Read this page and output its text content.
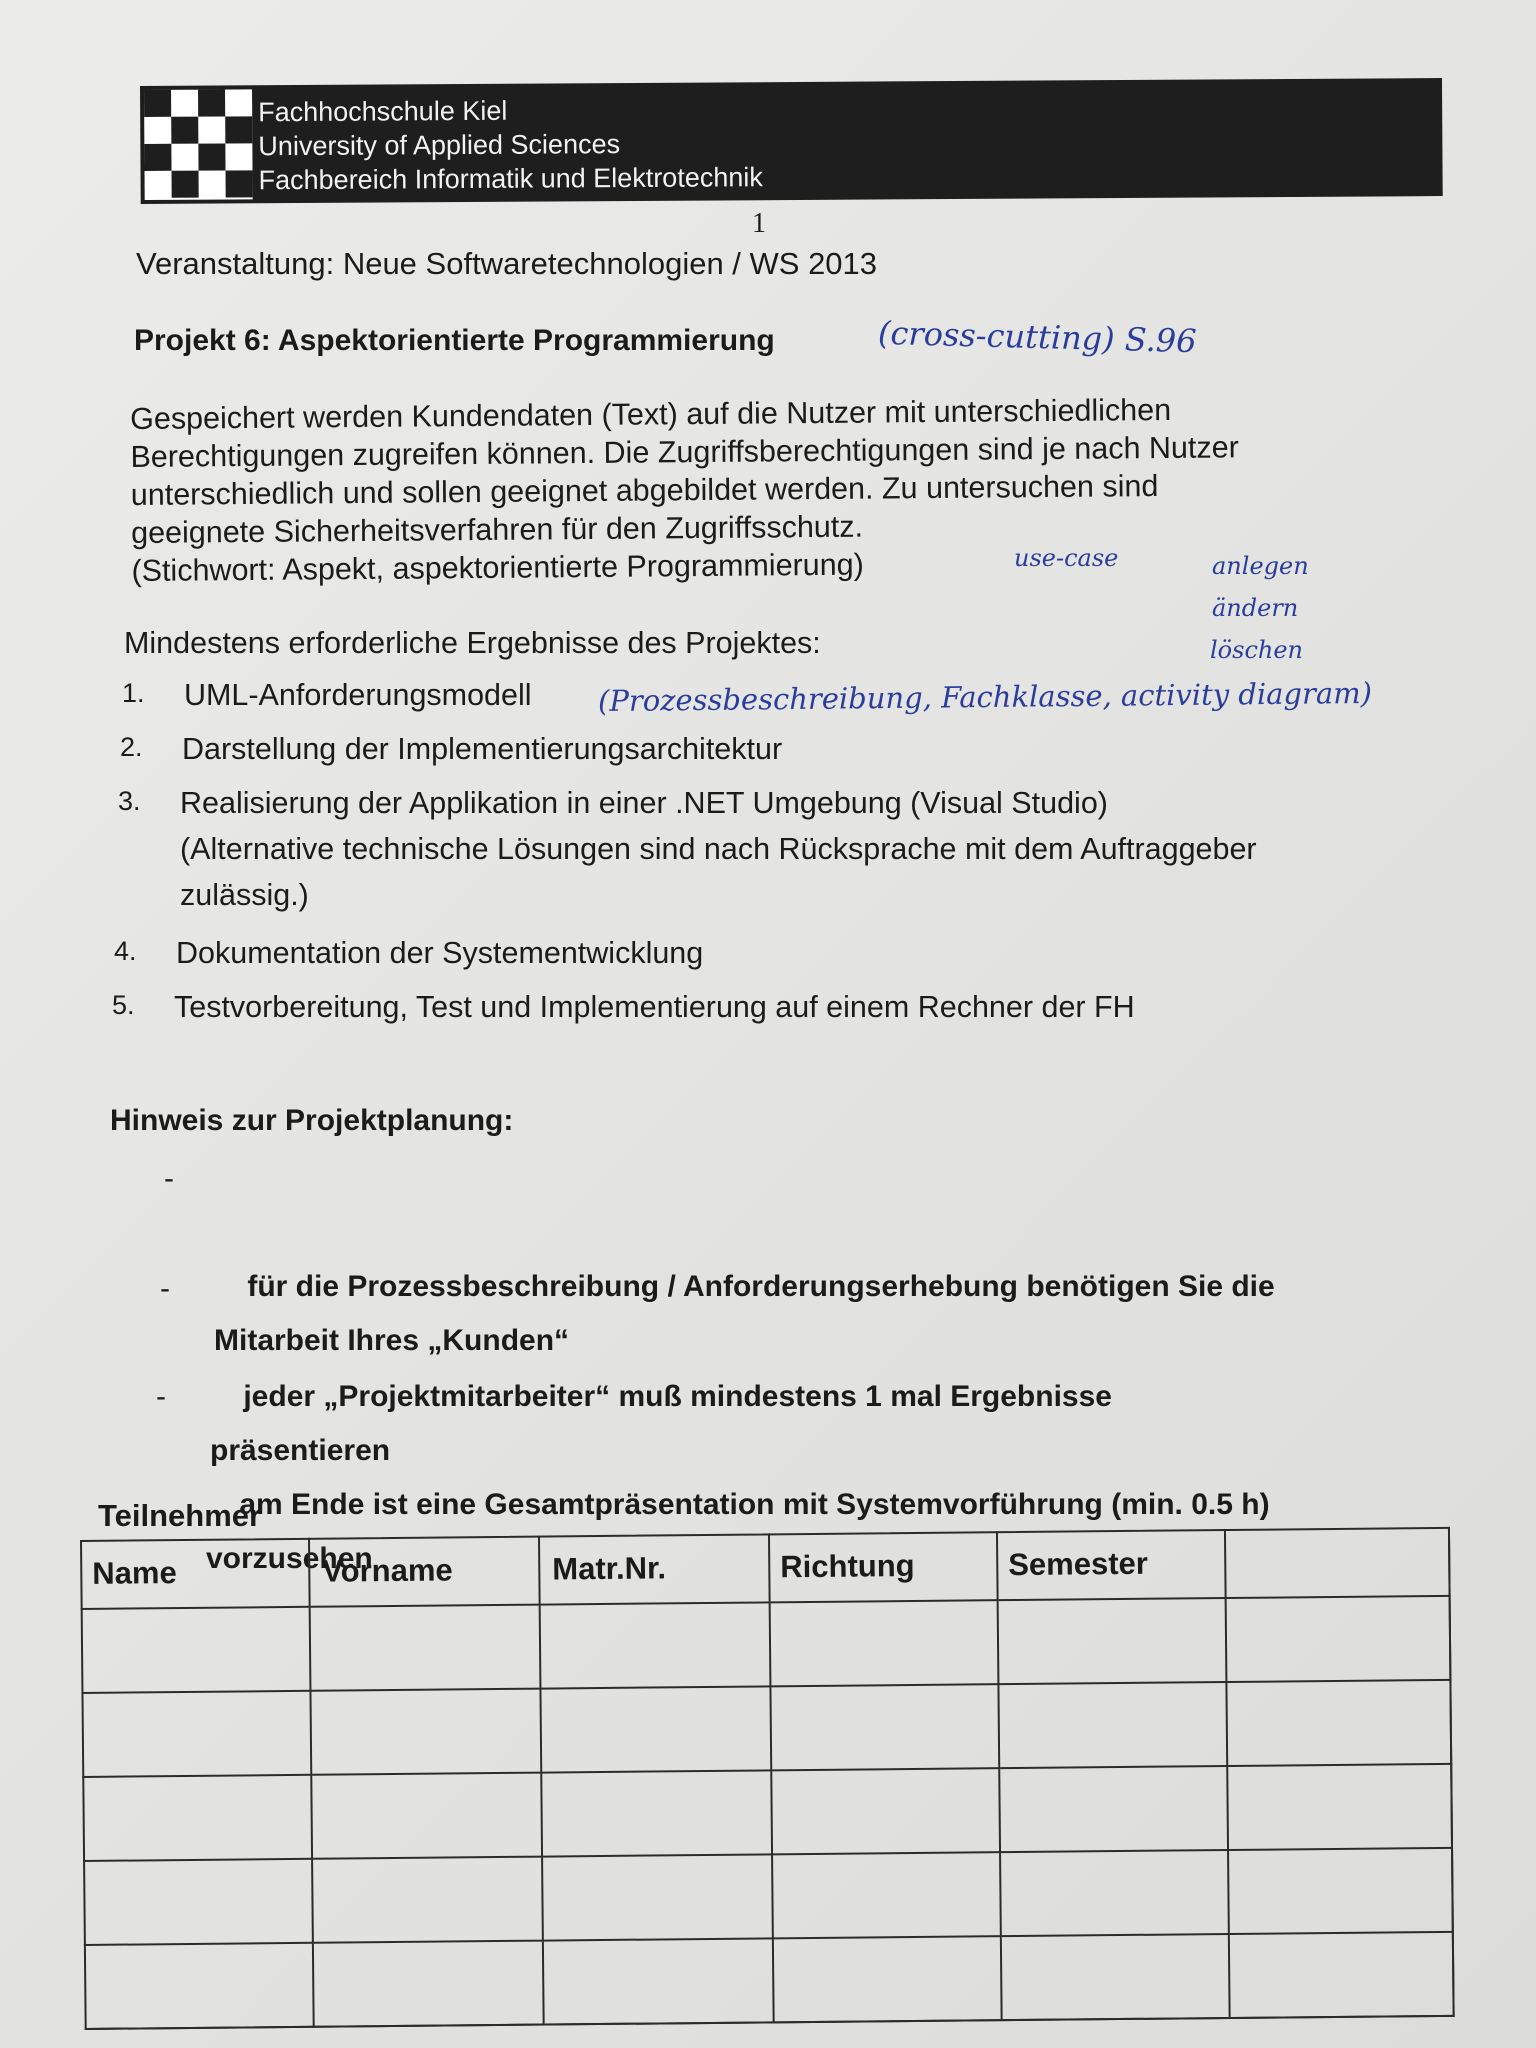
Fachhochschule Kiel
University of Applied Sciences
Fachbereich Informatik und Elektrotechnik
1
Veranstaltung: Neue Softwaretechnologien / WS 2013
Projekt 6: Aspektorientierte Programmierung	(cross-cutting) S.96
Gespeichert werden Kundendaten (Text) auf die Nutzer mit unterschiedlichen
Berechtigungen zugreifen können. Die Zugriffsberechtigungen sind je nach Nutzer
unterschiedlich und sollen geeignet abgebildet werden. Zu untersuchen sind
geeignete Sicherheitsverfahren für den Zugriffsschutz.
(Stichwort: Aspekt, aspektorientierte Programmierung)	use-case	anlegen
ändern
löschen
Mindestens erforderliche Ergebnisse des Projektes:
1. UML-Anforderungsmodell (Prozessbeschreibung, Fachklasse, activity diagram)
2. Darstellung der Implementierungsarchitektur
3. Realisierung der Applikation in einer .NET Umgebung (Visual Studio)
(Alternative technische Lösungen sind nach Rücksprache mit dem Auftraggeber
zulässig.)
4. Dokumentation der Systementwicklung
5. Testvorbereitung, Test und Implementierung auf einem Rechner der FH
Hinweis zur Projektplanung:

-

für die Prozessbeschreibung / Anforderungserhebung benötigen Sie die
Mitarbeit Ihres „Kunden“

-

jeder „Projektmitarbeiter“ muß mindestens 1 mal Ergebnisse
präsentieren

-

am Ende ist eine Gesamtpräsentation mit Systemvorführung (min. 0.5 h)
vorzusehen

Teilnehmer
Name	Vorname	Matr.Nr.	Richtung	Semester
